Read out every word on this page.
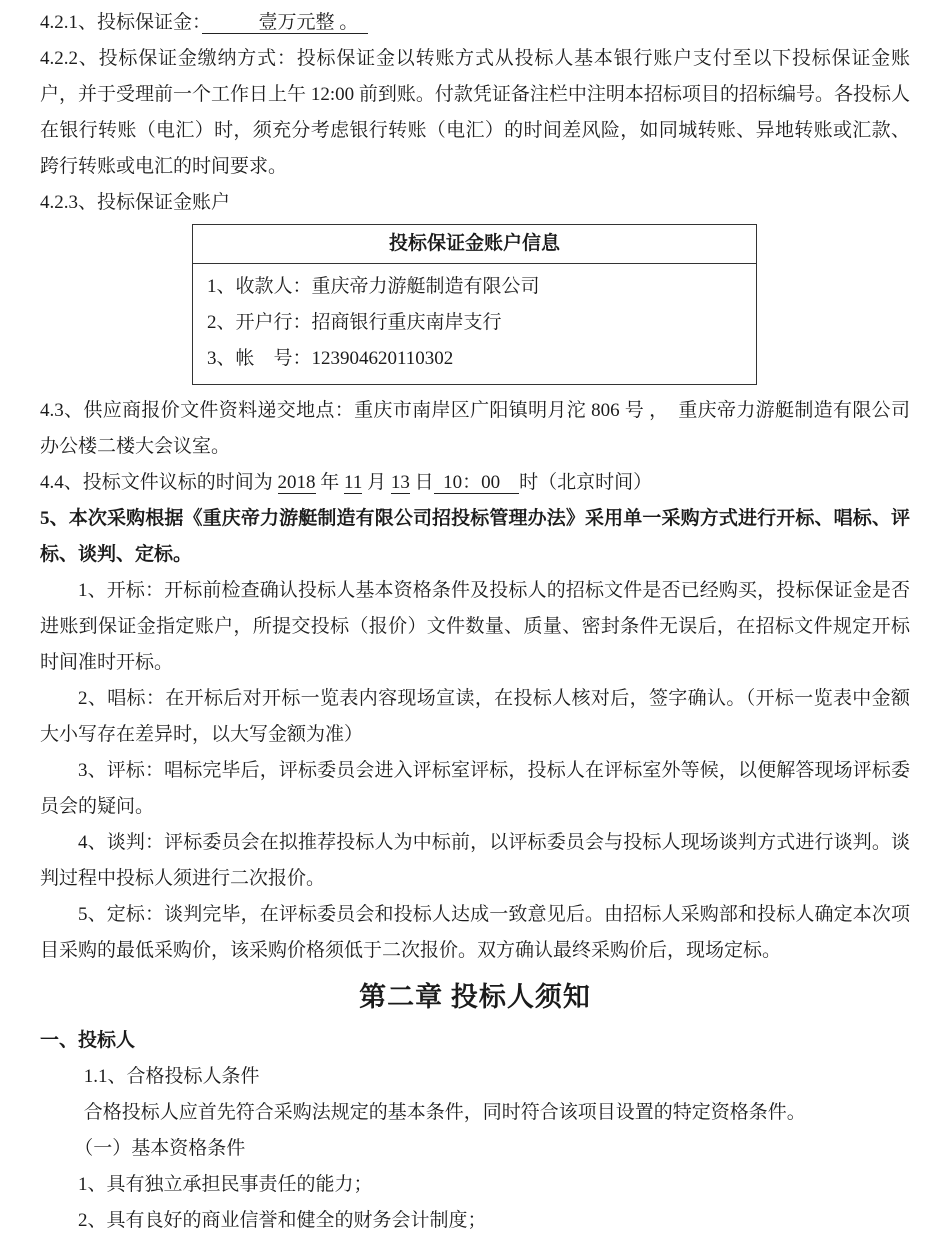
4.2.1、投标保证金：　　　壹万元整 。　

4.2.2、投标保证金缴纳方式：投标保证金以转账方式从投标人基本银行账户支付至以下投标保证金账户，并于受理前一个工作日上午 12:00 前到账。付款凭证备注栏中注明本招标项目的招标编号。各投标人在银行转账（电汇）时，须充分考虑银行转账（电汇）的时间差风险，如同城转账、异地转账或汇款、跨行转账或电汇的时间要求。

4.2.3、投标保证金账户

投标保证金账户信息

1、收款人：重庆帝力游艇制造有限公司

2、开户行：招商银行重庆南岸支行

3、帐　号：123904620110302

4.3、供应商报价文件资料递交地点：重庆市南岸区广阳镇明月沱 806 号 ，　重庆帝力游艇制造有限公司办公楼二楼大会议室。

4.4、投标文件议标的时间为 2018 年 11 月 13 日  10：00    时（北京时间）

5、本次采购根据《重庆帝力游艇制造有限公司招投标管理办法》采用单一采购方式进行开标、唱标、评标、谈判、定标。

1、开标：开标前检查确认投标人基本资格条件及投标人的招标文件是否已经购买，投标保证金是否进账到保证金指定账户，所提交投标（报价）文件数量、质量、密封条件无误后，在招标文件规定开标时间准时开标。

2、唱标：在开标后对开标一览表内容现场宣读，在投标人核对后，签字确认。（开标一览表中金额大小写存在差异时，以大写金额为准）

3、评标：唱标完毕后，评标委员会进入评标室评标，投标人在评标室外等候，以便解答现场评标委员会的疑问。

4、谈判：评标委员会在拟推荐投标人为中标前，以评标委员会与投标人现场谈判方式进行谈判。谈判过程中投标人须进行二次报价。

5、定标：谈判完毕，在评标委员会和投标人达成一致意见后。由招标人采购部和投标人确定本次项目采购的最低采购价，该采购价格须低于二次报价。双方确认最终采购价后，现场定标。

第二章 投标人须知

一、投标人

1.1、合格投标人条件

合格投标人应首先符合采购法规定的基本条件，同时符合该项目设置的特定资格条件。

（一）基本资格条件

1、具有独立承担民事责任的能力；

2、具有良好的商业信誉和健全的财务会计制度；
